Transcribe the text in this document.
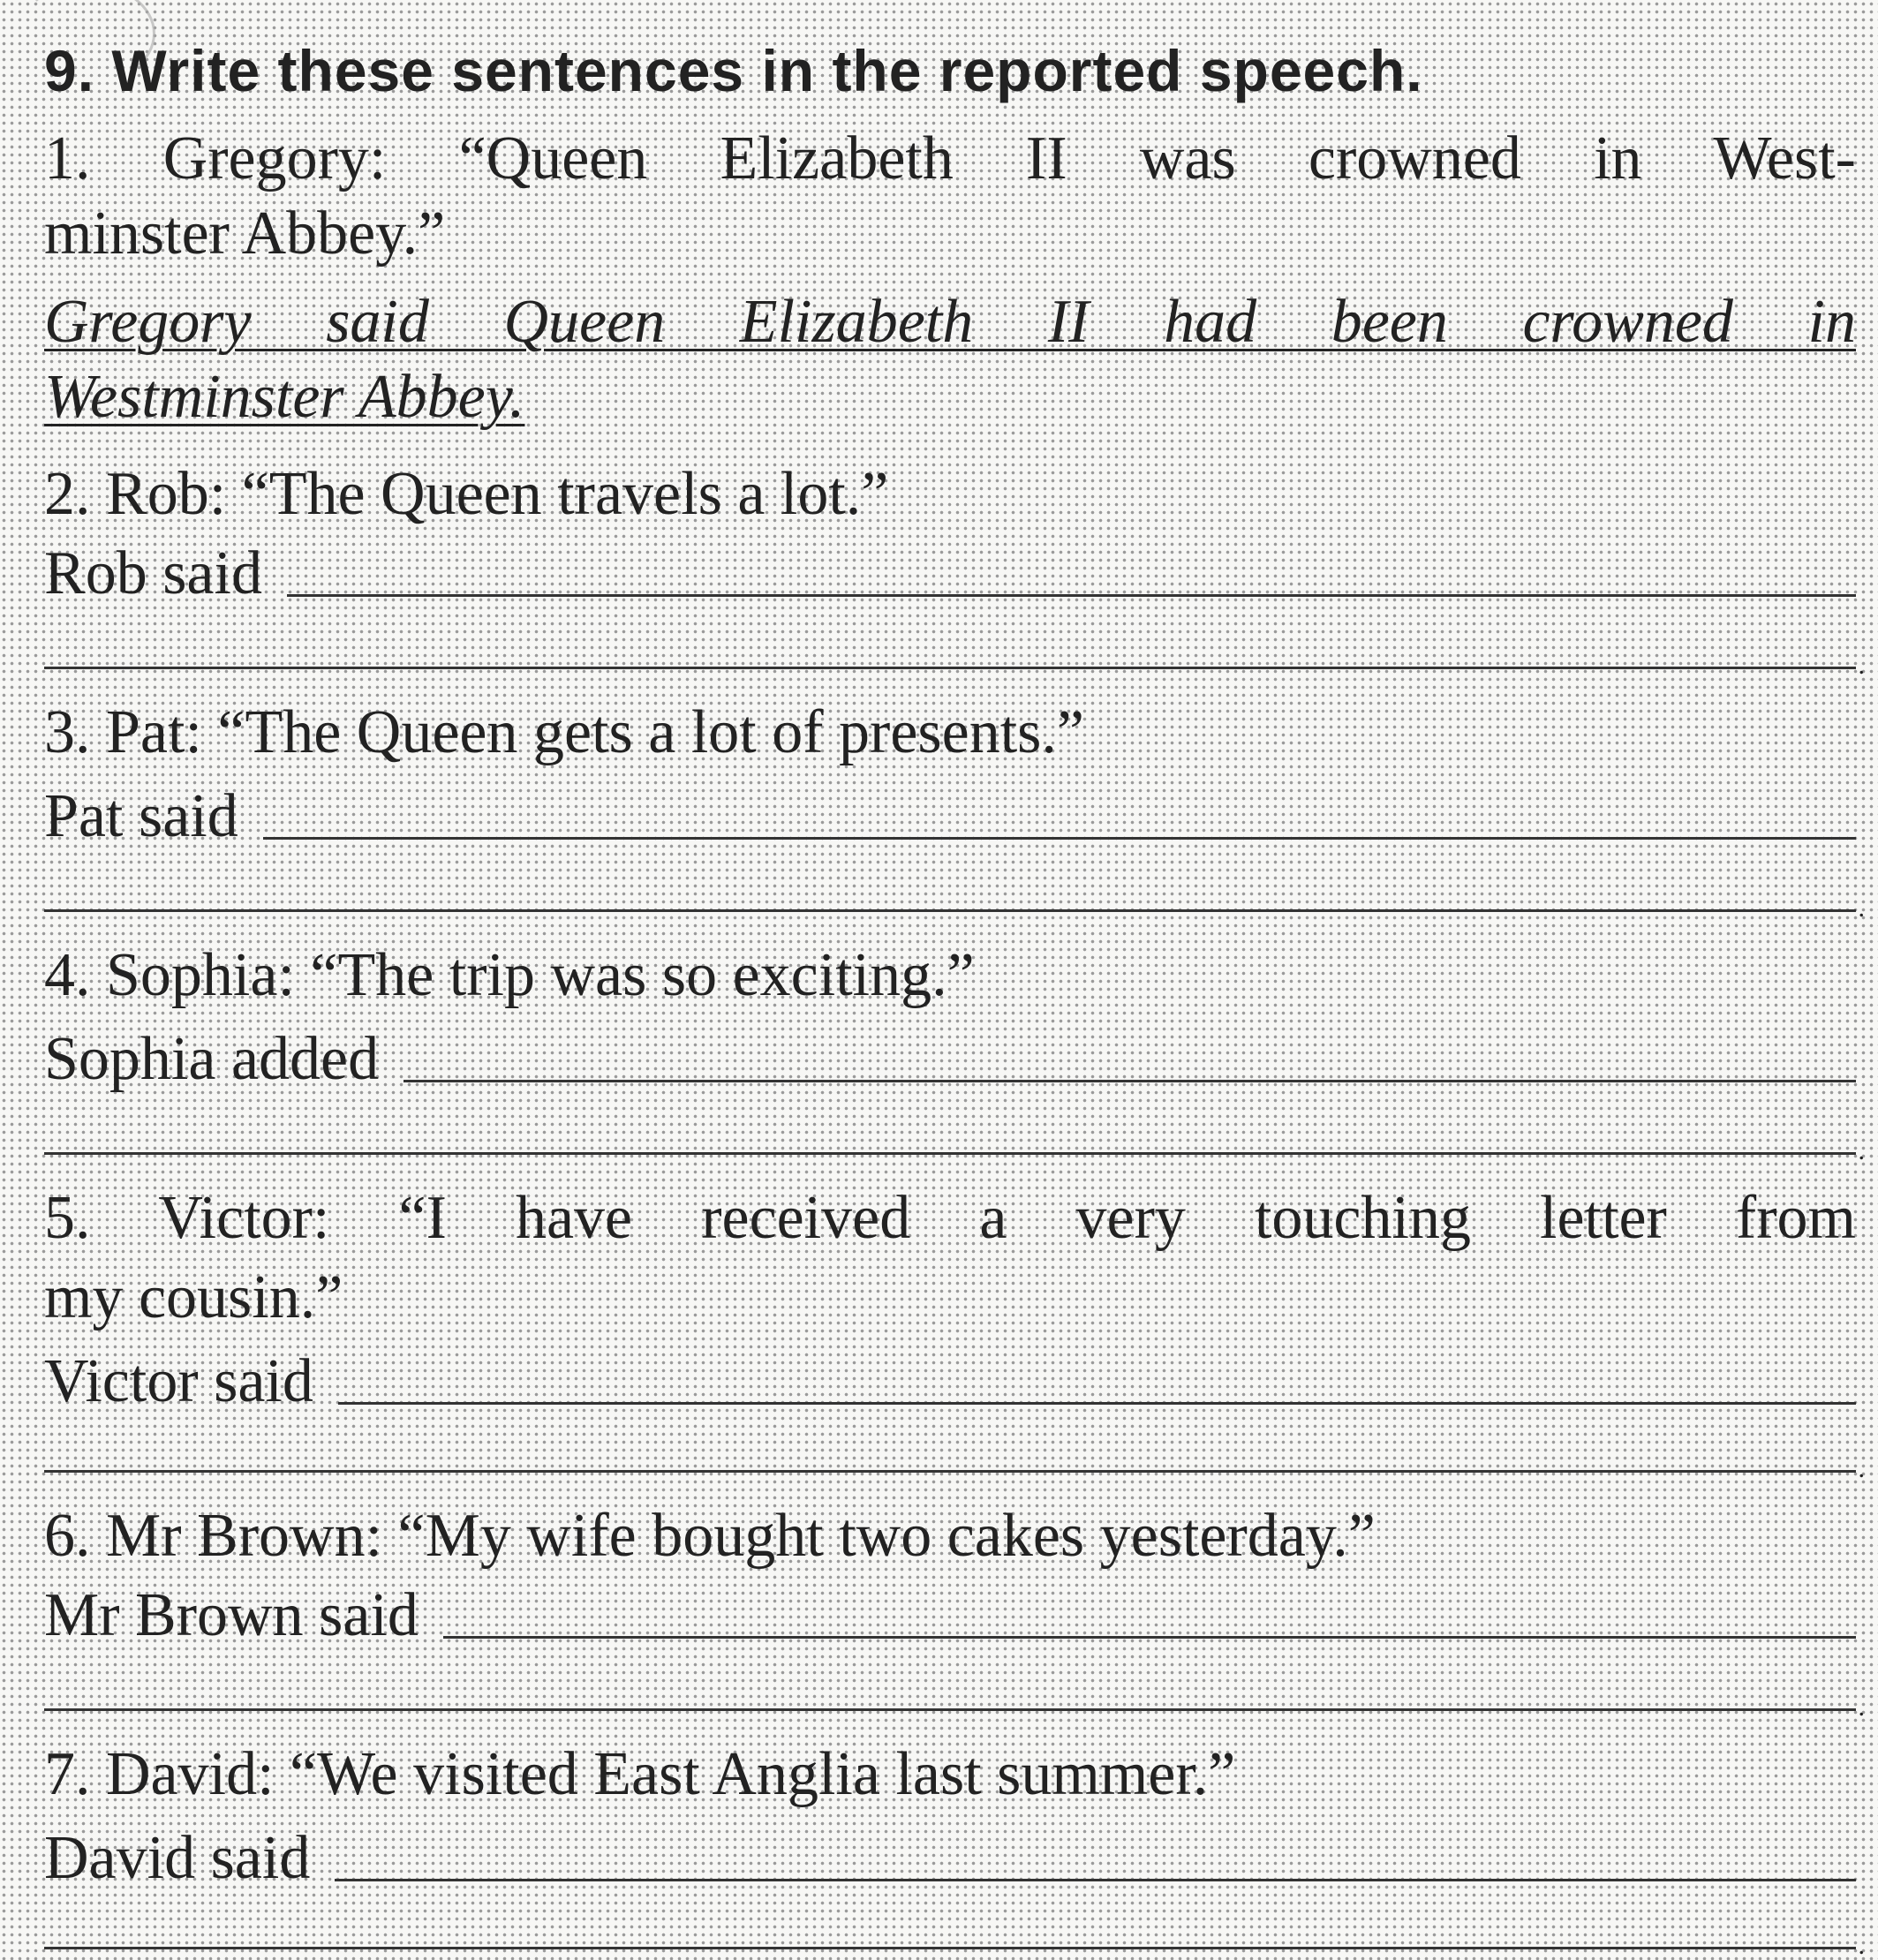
9. Write these sentences in the reported speech.
1. Gregory: “Queen Elizabeth II was crowned in West-
minster Abbey.”
Gregory said Queen Elizabeth II had been crowned in
Westminster Abbey.
2. Rob: “The Queen travels a lot.”
Rob said
.
3. Pat: “The Queen gets a lot of presents.”
Pat said
.
4. Sophia: “The trip was so exciting.”
Sophia added
.
5. Victor: “I have received a very touching letter from
my cousin.”
Victor said
.
6. Mr Brown: “My wife bought two cakes yesterday.”
Mr Brown said
.
7. David: “We visited East Anglia last summer.”
David said
.
